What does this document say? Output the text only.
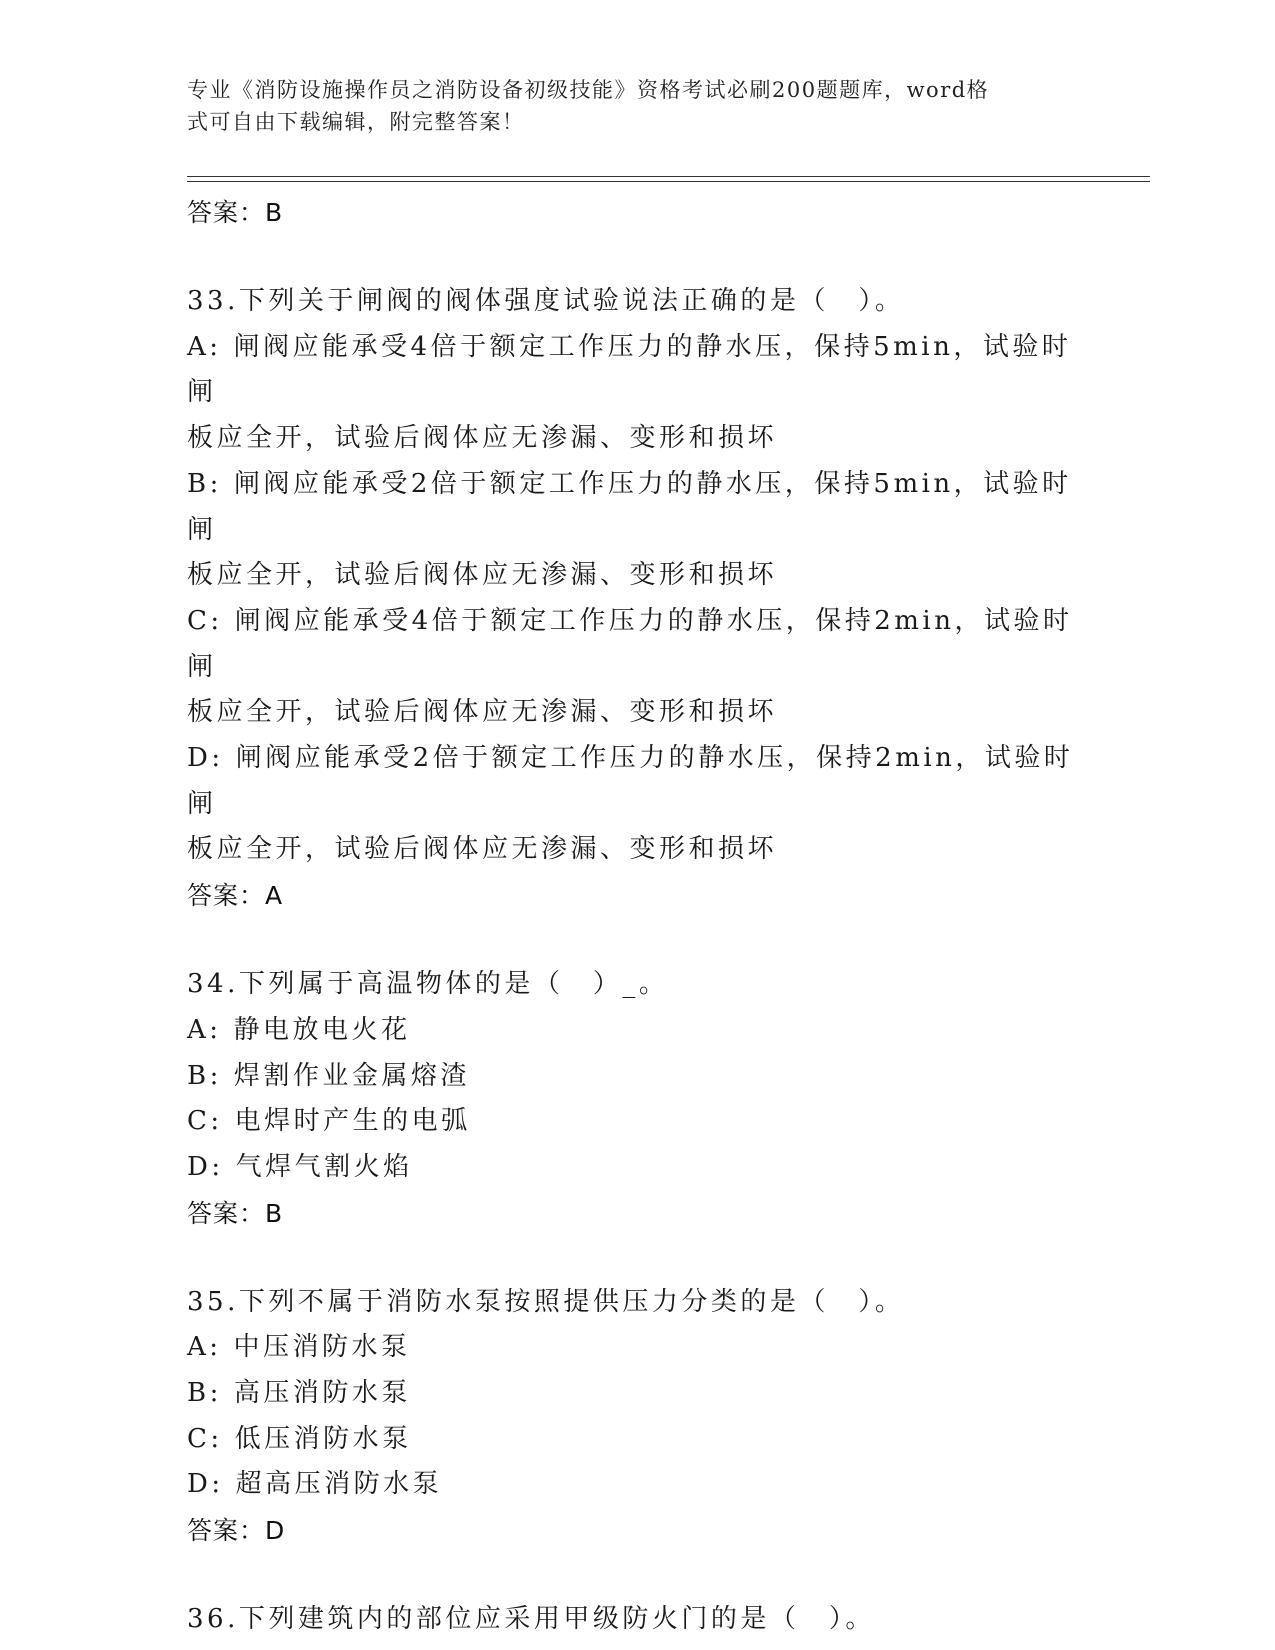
专业《消防设施操作员之消防设备初级技能》资格考试必刷200题题库，word格
式可自由下载编辑，附完整答案！
答案：B
33.下列关于闸阀的阀体强度试验说法正确的是（　）。
A: 闸阀应能承受4倍于额定工作压力的静水压，保持5min，试验时闸
板应全开，试验后阀体应无渗漏、变形和损坏
B: 闸阀应能承受2倍于额定工作压力的静水压，保持5min，试验时闸
板应全开，试验后阀体应无渗漏、变形和损坏
C: 闸阀应能承受4倍于额定工作压力的静水压，保持2min，试验时闸
板应全开，试验后阀体应无渗漏、变形和损坏
D: 闸阀应能承受2倍于额定工作压力的静水压，保持2min，试验时闸
板应全开，试验后阀体应无渗漏、变形和损坏
答案：A
34.下列属于高温物体的是（　）_。
A: 静电放电火花
B: 焊割作业金属熔渣
C: 电焊时产生的电弧
D: 气焊气割火焰
答案：B
35.下列不属于消防水泵按照提供压力分类的是（　）。
A: 中压消防水泵
B: 高压消防水泵
C: 低压消防水泵
D: 超高压消防水泵
答案：D
36.下列建筑内的部位应采用甲级防火门的是（　）。
